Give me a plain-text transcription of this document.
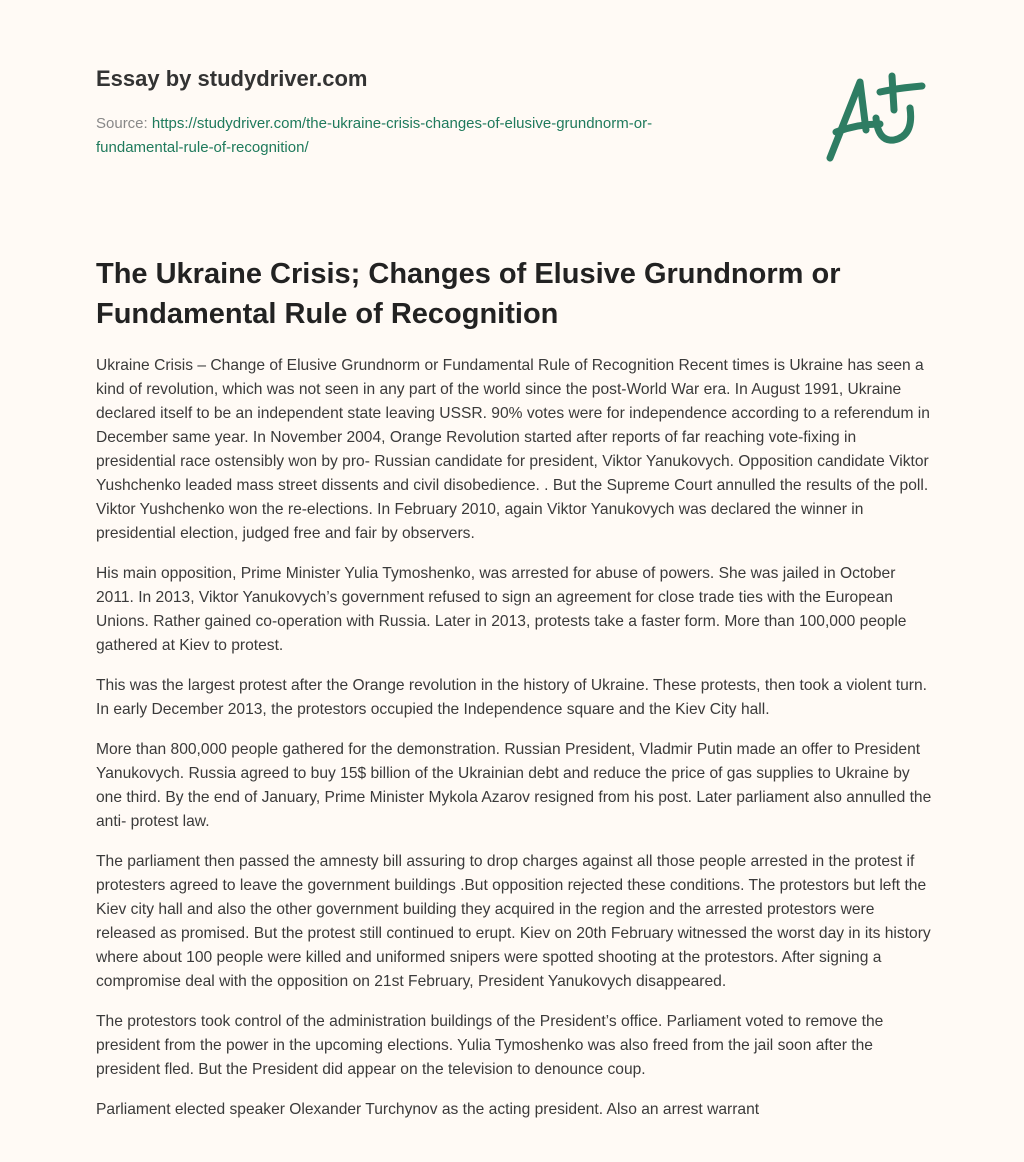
Essay by studydriver.com
Source: https://studydriver.com/the-ukraine-crisis-changes-of-elusive-grundnorm-or-fundamental-rule-of-recognition/
The Ukraine Crisis; Changes of Elusive Grundnorm or Fundamental Rule of Recognition

Ukraine Crisis – Change of Elusive Grundnorm or Fundamental Rule of Recognition Recent times is Ukraine has seen a kind of revolution, which was not seen in any part of the world since the post-World War era. In August 1991, Ukraine declared itself to be an independent state leaving USSR. 90% votes were for independence according to a referendum in December same year. In November 2004, Orange Revolution started after reports of far reaching vote-fixing in presidential race ostensibly won by pro- Russian candidate for president, Viktor Yanukovych. Opposition candidate Viktor Yushchenko leaded mass street dissents and civil disobedience. . But the Supreme Court annulled the results of the poll. Viktor Yushchenko won the re-elections. In February 2010, again Viktor Yanukovych was declared the winner in presidential election, judged free and fair by observers.

His main opposition, Prime Minister Yulia Tymoshenko, was arrested for abuse of powers. She was jailed in October 2011. In 2013, Viktor Yanukovych’s government refused to sign an agreement for close trade ties with the European Unions. Rather gained co-operation with Russia. Later in 2013, protests take a faster form. More than 100,000 people gathered at Kiev to protest.

This was the largest protest after the Orange revolution in the history of Ukraine. These protests, then took a violent turn. In early December 2013, the protestors occupied the Independence square and the Kiev City hall.

More than 800,000 people gathered for the demonstration. Russian President, Vladmir Putin made an offer to President Yanukovych. Russia agreed to buy 15$ billion of the Ukrainian debt and reduce the price of gas supplies to Ukraine by one third. By the end of January, Prime Minister Mykola Azarov resigned from his post. Later parliament also annulled the anti- protest law.

The parliament then passed the amnesty bill assuring to drop charges against all those people arrested in the protest if protesters agreed to leave the government buildings .But opposition rejected these conditions. The protestors but left the Kiev city hall and also the other government building they acquired in the region and the arrested protestors were released as promised. But the protest still continued to erupt. Kiev on 20th February witnessed the worst day in its history where about 100 people were killed and uniformed snipers were spotted shooting at the protestors. After signing a compromise deal with the opposition on 21st February, President Yanukovych disappeared.

The protestors took control of the administration buildings of the President’s office. Parliament voted to remove the president from the power in the upcoming elections. Yulia Tymoshenko was also freed from the jail soon after the president fled. But the President did appear on the television to denounce coup.

Parliament elected speaker Olexander Turchynov as the acting president. Also an arrest warrant
